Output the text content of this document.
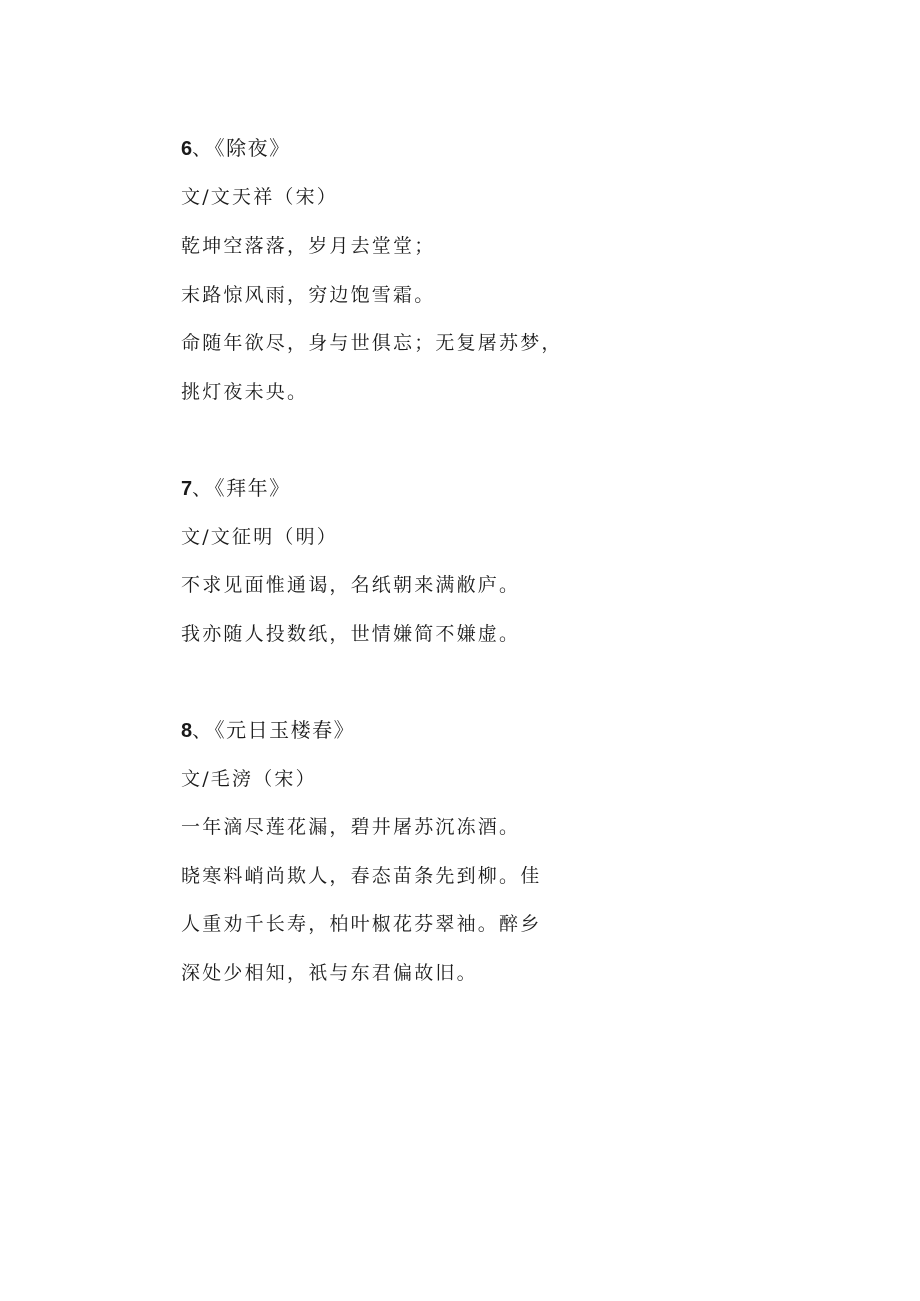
6、 《除夜》
文/文天祥（宋）
乾坤空落落，岁月去堂堂；
末路惊风雨，穷边饱雪霜。
命随年欲尽，身与世俱忘；无复屠苏梦，
挑灯夜未央。
7、 《拜年》
文/文征明（明）
不求见面惟通谒，名纸朝来满敝庐。
我亦随人投数纸，世情嫌简不嫌虚。
8、 《元日玉楼春》
文/毛滂（宋）
一年滴尽莲花漏，碧井屠苏沉冻酒。
晓寒料峭尚欺人，春态苗条先到柳。佳
人重劝千长寿，柏叶椒花芬翠袖。醉乡
深处少相知，祇与东君偏故旧。
